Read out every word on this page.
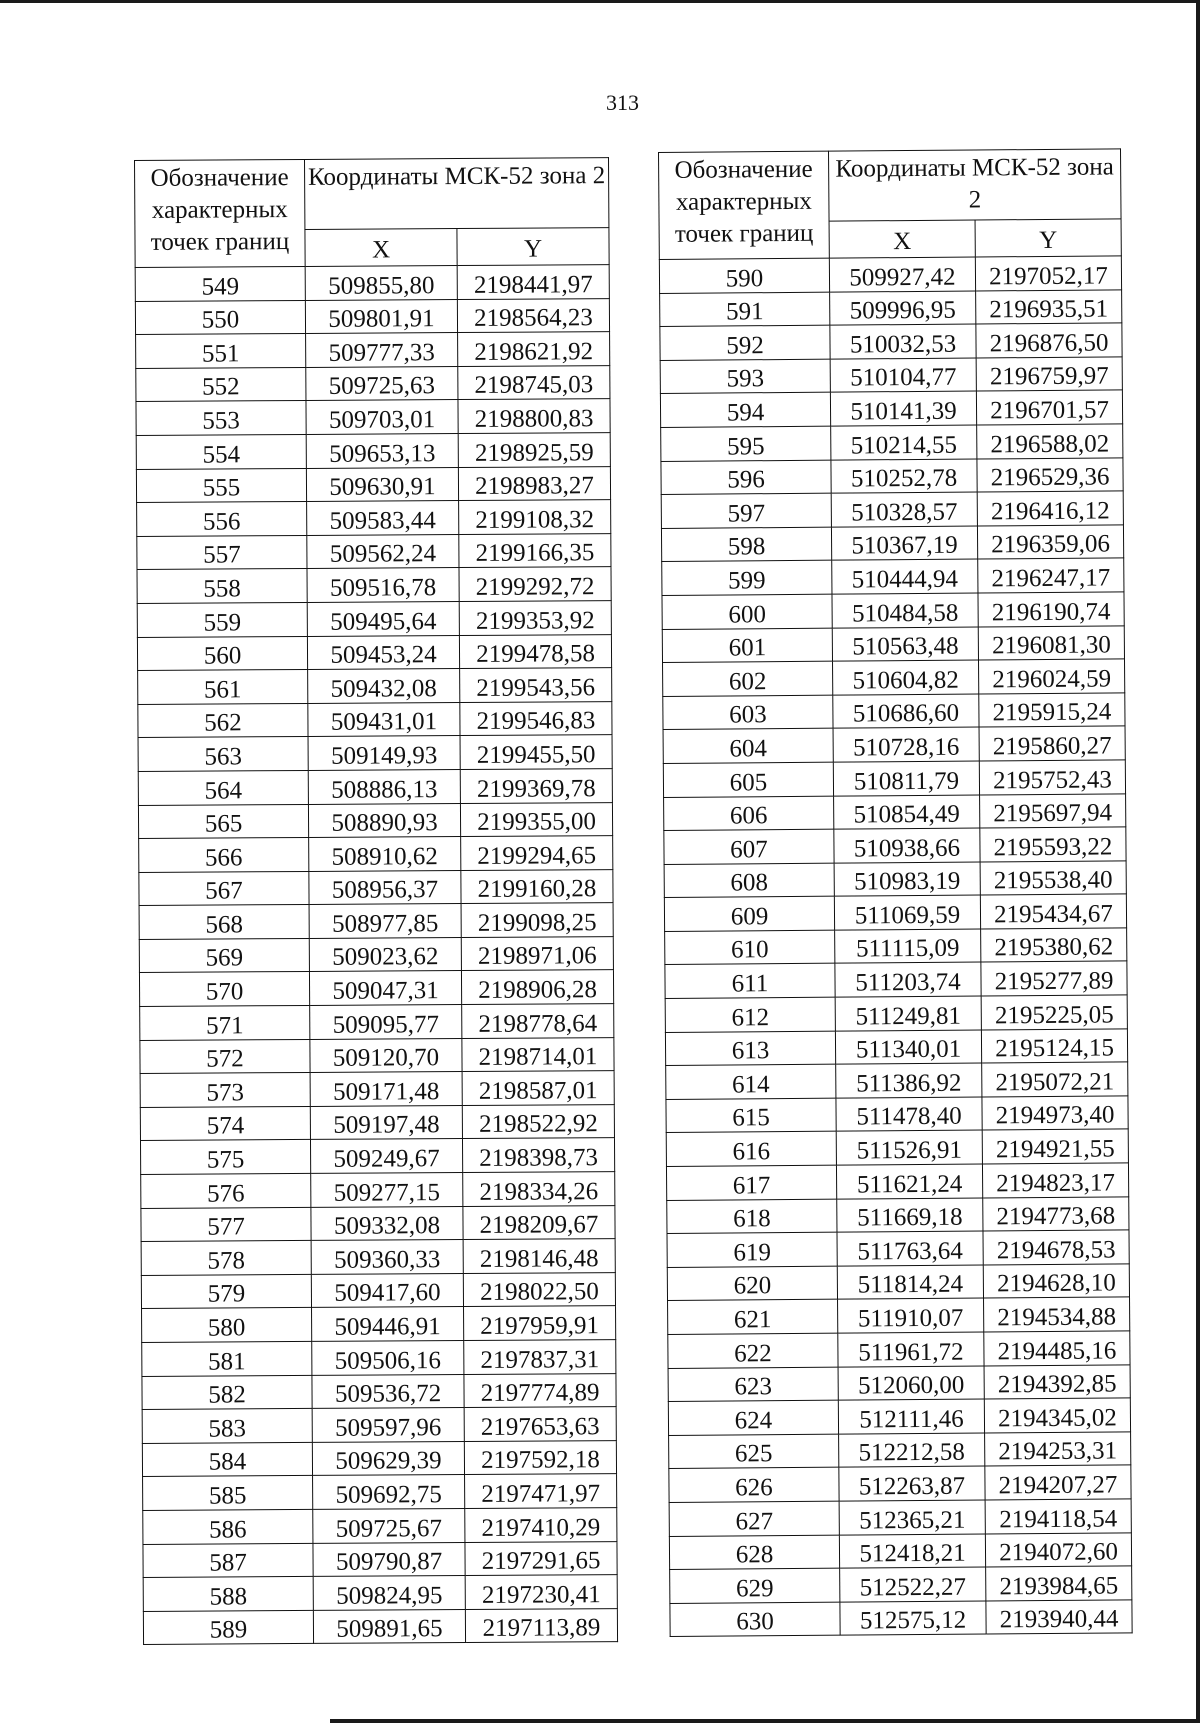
313
Обозначение характерных точек границ	Координаты МСК-52 зона 2	
	X	Y
549	509855,80	2198441,97
550	509801,91	2198564,23
551	509777,33	2198621,92
552	509725,63	2198745,03
553	509703,01	2198800,83
554	509653,13	2198925,59
555	509630,91	2198983,27
556	509583,44	2199108,32
557	509562,24	2199166,35
558	509516,78	2199292,72
559	509495,64	2199353,92
560	509453,24	2199478,58
561	509432,08	2199543,56
562	509431,01	2199546,83
563	509149,93	2199455,50
564	508886,13	2199369,78
565	508890,93	2199355,00
566	508910,62	2199294,65
567	508956,37	2199160,28
568	508977,85	2199098,25
569	509023,62	2198971,06
570	509047,31	2198906,28
571	509095,77	2198778,64
572	509120,70	2198714,01
573	509171,48	2198587,01
574	509197,48	2198522,92
575	509249,67	2198398,73
576	509277,15	2198334,26
577	509332,08	2198209,67
578	509360,33	2198146,48
579	509417,60	2198022,50
580	509446,91	2197959,91
581	509506,16	2197837,31
582	509536,72	2197774,89
583	509597,96	2197653,63
584	509629,39	2197592,18
585	509692,75	2197471,97
586	509725,67	2197410,29
587	509790,87	2197291,65
588	509824,95	2197230,41
589	509891,65	2197113,89
Обозначение характерных точек границ	Координаты МСК-52 зона 2	
	X	Y
590	509927,42	2197052,17
591	509996,95	2196935,51
592	510032,53	2196876,50
593	510104,77	2196759,97
594	510141,39	2196701,57
595	510214,55	2196588,02
596	510252,78	2196529,36
597	510328,57	2196416,12
598	510367,19	2196359,06
599	510444,94	2196247,17
600	510484,58	2196190,74
601	510563,48	2196081,30
602	510604,82	2196024,59
603	510686,60	2195915,24
604	510728,16	2195860,27
605	510811,79	2195752,43
606	510854,49	2195697,94
607	510938,66	2195593,22
608	510983,19	2195538,40
609	511069,59	2195434,67
610	511115,09	2195380,62
611	511203,74	2195277,89
612	511249,81	2195225,05
613	511340,01	2195124,15
614	511386,92	2195072,21
615	511478,40	2194973,40
616	511526,91	2194921,55
617	511621,24	2194823,17
618	511669,18	2194773,68
619	511763,64	2194678,53
620	511814,24	2194628,10
621	511910,07	2194534,88
622	511961,72	2194485,16
623	512060,00	2194392,85
624	512111,46	2194345,02
625	512212,58	2194253,31
626	512263,87	2194207,27
627	512365,21	2194118,54
628	512418,21	2194072,60
629	512522,27	2193984,65
630	512575,12	2193940,44
